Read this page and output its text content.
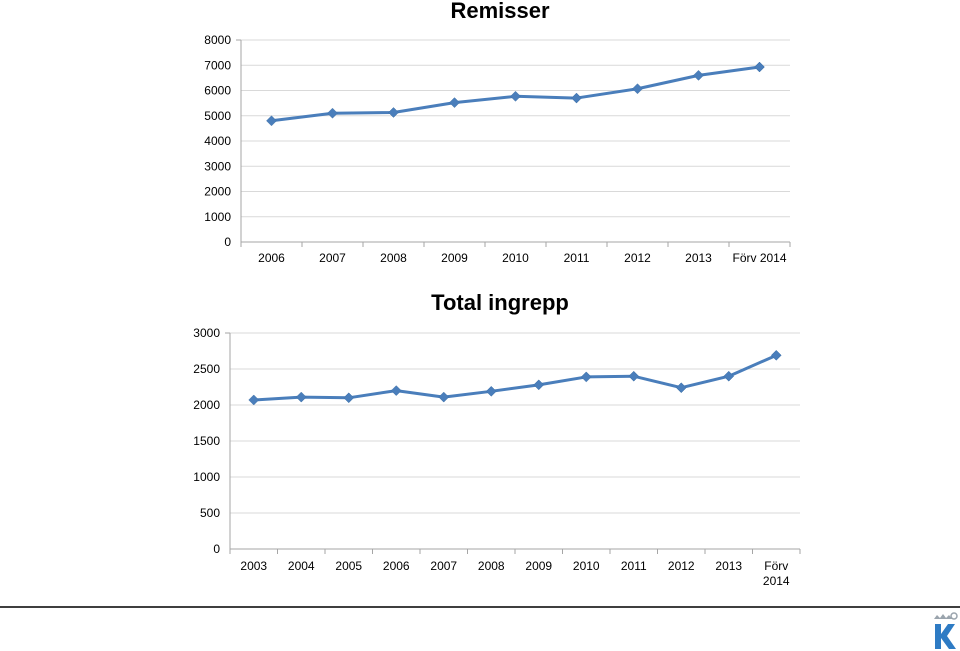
Remisser
Total ingrepp
0
1000
2000
3000
4000
5000
6000
7000
8000
2006	2007	2008	2009	2010	2011	2012	2013 Förv 2014
0
500
1000
1500
2000
2500
3000
2003 2004 2005 2006 2007 2008 2009 2010 2011 2012 2013 Förv
2014
